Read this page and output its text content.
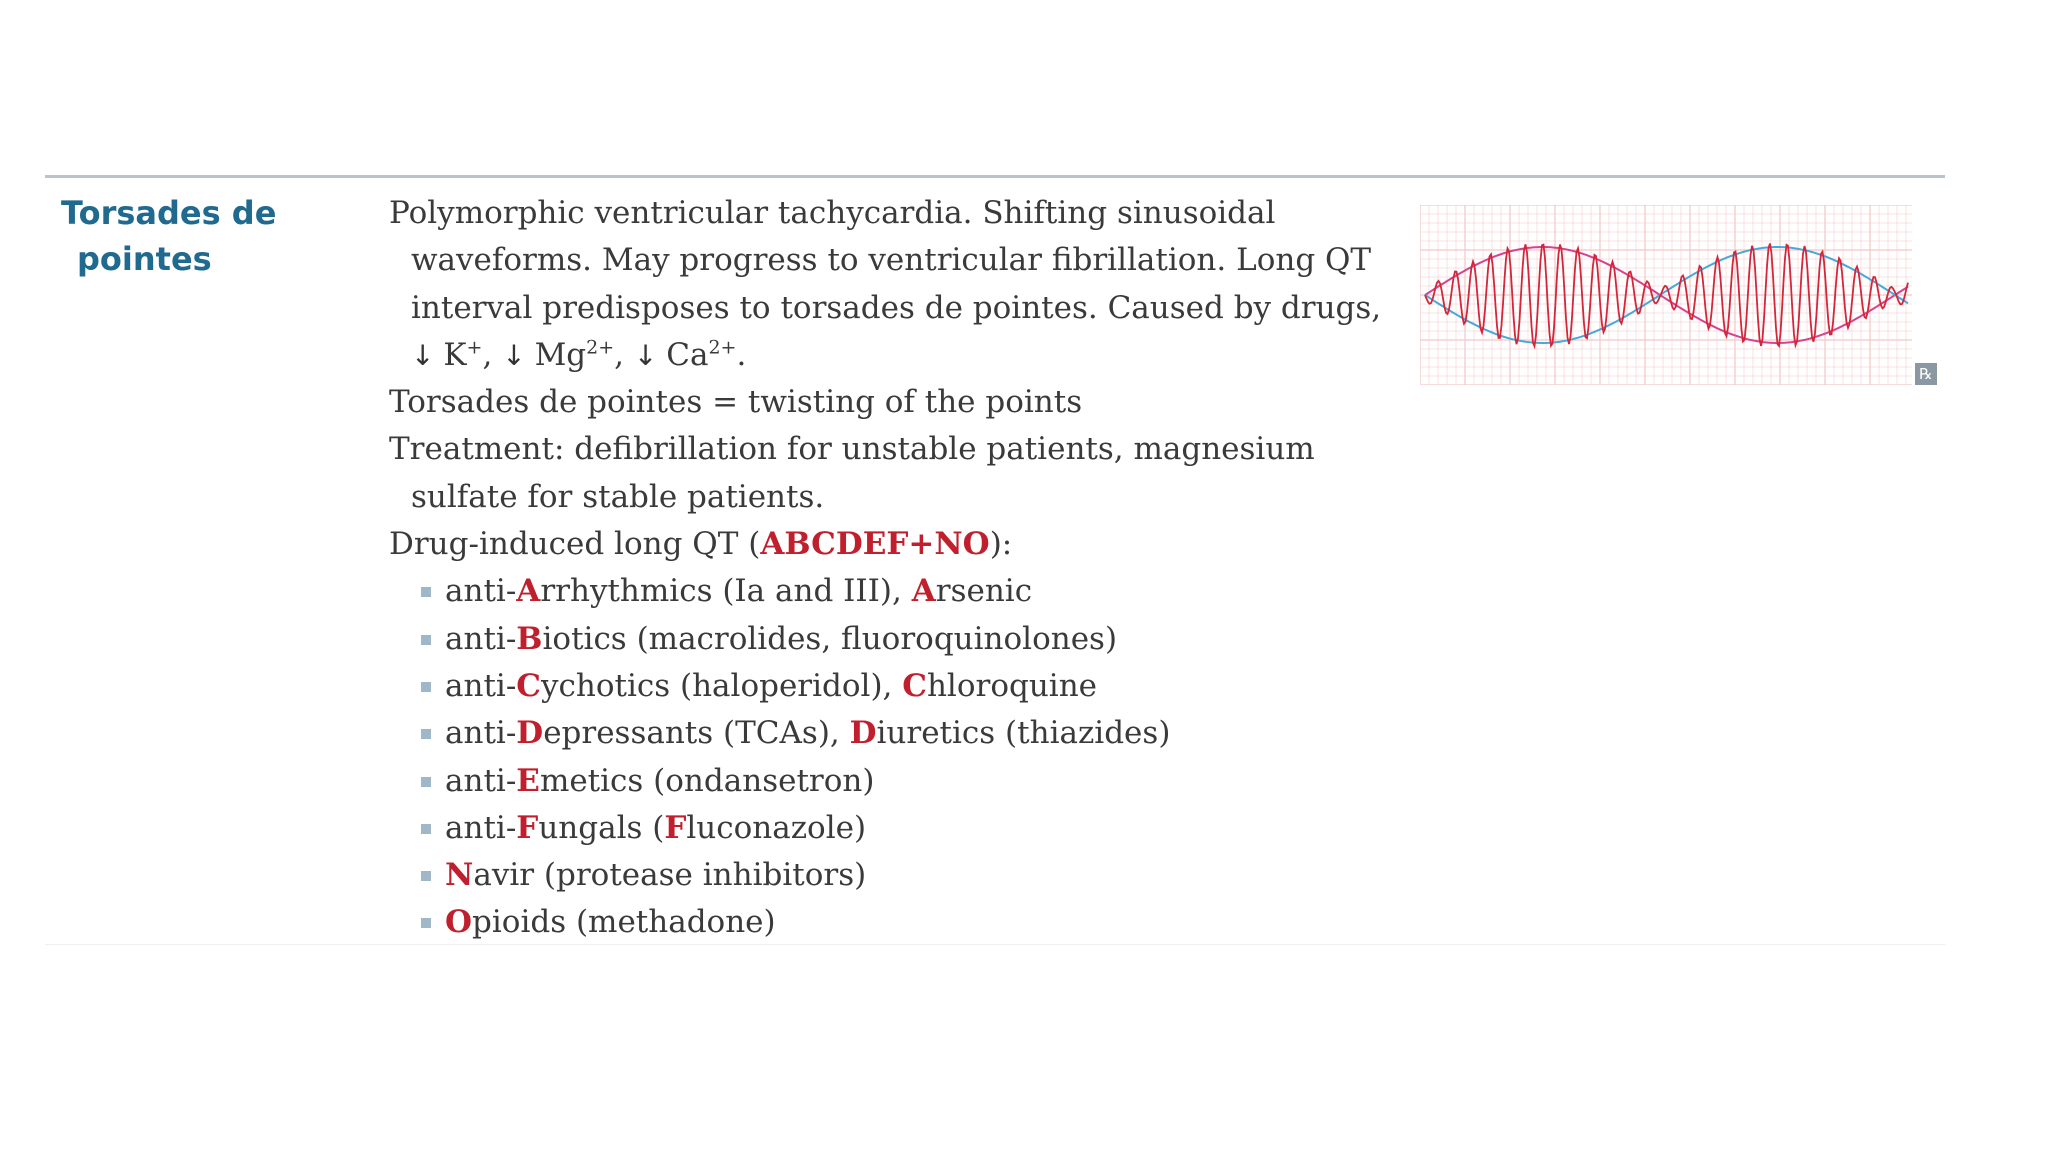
Torsades de
pointes

Polymorphic ventricular tachycardia. Shifting sinusoidal waveforms. May progress to ventricular fibrillation. Long QT interval predisposes to torsades de pointes. Caused by drugs,
↓ K+, ↓ $Mg^{2+}$, ↓ $Ca^{2+}$.

Torsades de pointes = twisting of the points

Treatment: defibrillation for unstable patients, magnesium sulfate for stable patients.

Drug-induced long QT (ABCDEF+NO):

anti-Arrhythmics (Ia and III), Arsenic
anti-Biotics (macrolides, fluoroquinolones)
anti-Cychotics (haloperidol), Chloroquine
anti-Depressants (TCAs), Diuretics (thiazides)
anti-Emetics (ondansetron)
anti-Fungals (Fluconazole)
Navir (protease inhibitors)
Opioids (methadone)
℞
